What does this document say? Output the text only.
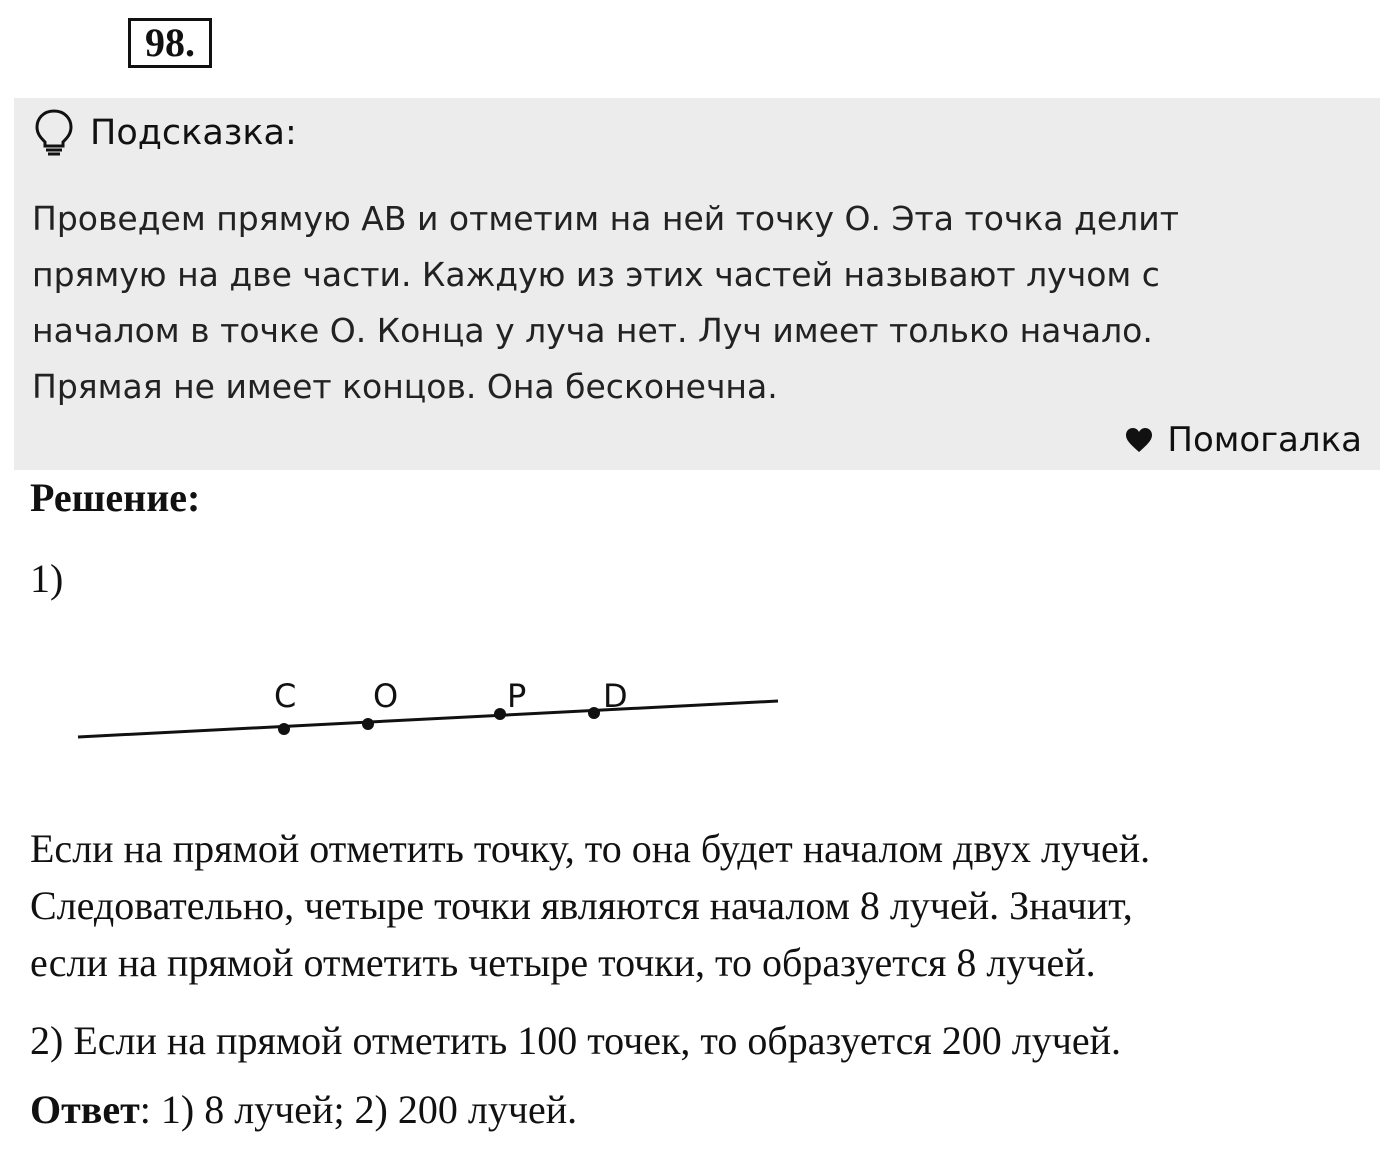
98.
Подсказка:

Проведем прямую АВ и отметим на ней точку О. Эта точка делит
прямую на две части. Каждую из этих частей называют лучом с
началом в точке О. Конца у луча нет. Луч имеет только начало.
Прямая не имеет концов. Она бесконечна.

Помогалка
Решение:
1)
C O	P D

Если на прямой отметить точку, то она будет началом двух лучей.
Следовательно, четыре точки являются началом 8 лучей. Значит,
если на прямой отметить четыре точки, то образуется 8 лучей.

2) Если на прямой отметить 100 точек, то образуется 200 лучей.

Ответ: 1) 8 лучей; 2) 200 лучей.
